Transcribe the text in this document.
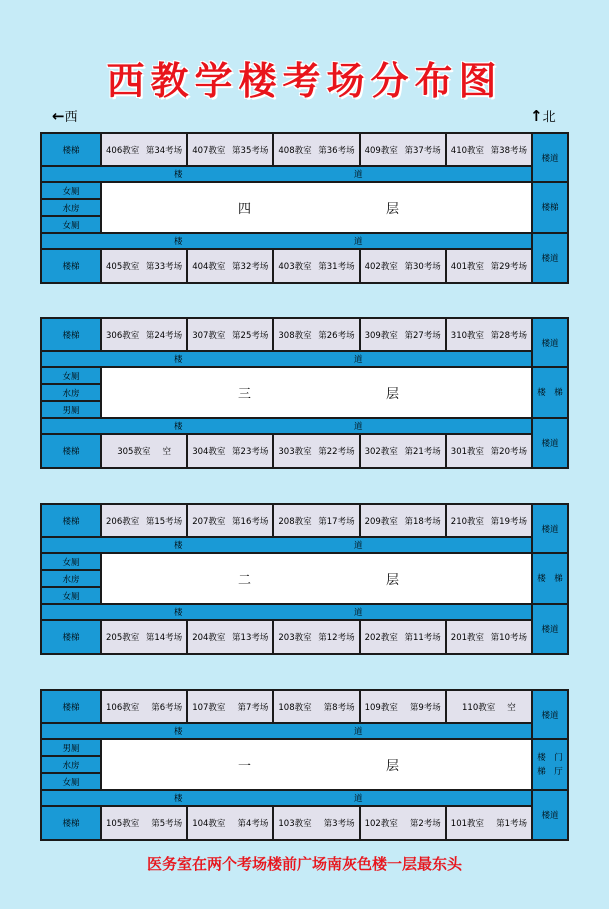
西教学楼考场分布图
←西	↑北
楼梯
楼梯
女厕
水房
女厕
406教室 第34考场 407教室 第35考场 408教室 第36考场 409教室 第37考场 410教室 第38考场
405教室 第33考场 404教室 第32考场 403教室 第31考场 402教室 第30考场 401教室 第29考场
楼	道
楼	道
四	层
楼道
楼梯
楼道
楼梯
楼梯
女厕
水房
男厕
306教室 第24考场 307教室 第25考场 308教室 第26考场 309教室 第27考场 310教室 第28考场
305教室 空 304教室 第23考场 303教室 第22考场 302教室 第21考场 301教室 第20考场
楼	道
楼	道
三	层
楼道
楼　梯
楼道
楼梯
楼梯
女厕
水房
女厕
206教室 第15考场 207教室 第16考场 208教室 第17考场 209教室 第18考场 210教室 第19考场
205教室 第14考场 204教室 第13考场 203教室 第12考场 202教室 第11考场 201教室 第10考场
楼	道
楼	道
二	层
楼道
楼　梯
楼道
楼梯
楼梯
男厕
水房
女厕
106教室 第6考场 107教室 第7考场 108教室 第8考场 109教室 第9考场 110教室 空
105教室 第5考场 104教室 第4考场 103教室 第3考场 102教室 第2考场 101教室 第1考场
楼	道
楼	道
一	层
楼道
楼　门
梯　厅
楼道
医务室在两个考场楼前广场南灰色楼一层最东头
